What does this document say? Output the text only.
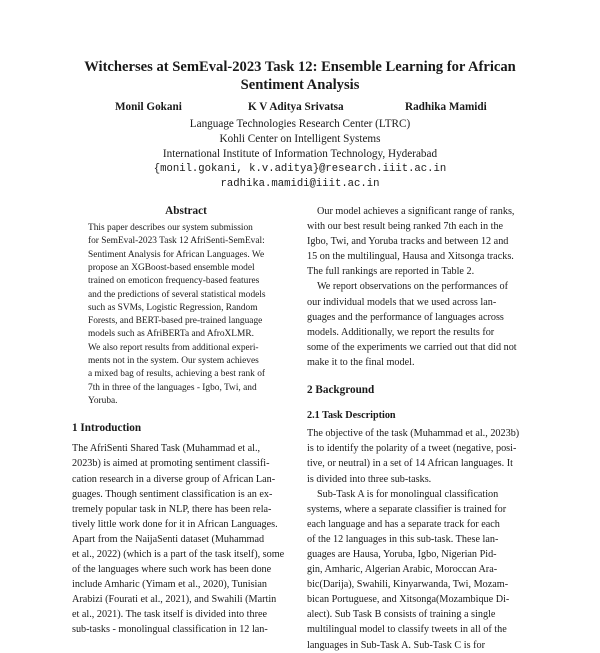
Witcherses at SemEval-2023 Task 12: Ensemble Learning for African
Sentiment Analysis
Monil Gokani	K V Aditya Srivatsa	Radhika Mamidi
Language Technologies Research Center (LTRC)
Kohli Center on Intelligent Systems
International Institute of Information Technology, Hyderabad
{monil.gokani, k.v.aditya}@research.iiit.ac.in
radhika.mamidi@iiit.ac.in
Abstract
This paper describes our system submission
for SemEval-2023 Task 12 AfriSenti-SemEval:
Sentiment Analysis for African Languages. We
propose an XGBoost-based ensemble model
trained on emoticon frequency-based features
and the predictions of several statistical models
such as SVMs, Logistic Regression, Random
Forests, and BERT-based pre-trained language
models such as AfriBERTa and AfroXLMR.
We also report results from additional experi-
ments not in the system. Our system achieves
a mixed bag of results, achieving a best rank of
7th in three of the languages - Igbo, Twi, and
Yoruba.
1 Introduction
The AfriSenti Shared Task (Muhammad et al.,
2023b) is aimed at promoting sentiment classifi-
cation research in a diverse group of African Lan-
guages. Though sentiment classification is an ex-
tremely popular task in NLP, there has been rela-
tively little work done for it in African Languages.
Apart from the NaijaSenti dataset (Muhammad
et al., 2022) (which is a part of the task itself), some
of the languages where such work has been done
include Amharic (Yimam et al., 2020), Tunisian
Arabizi (Fourati et al., 2021), and Swahili (Martin
et al., 2021). The task itself is divided into three
sub-tasks - monolingual classification in 12 lan-
Our model achieves a significant range of ranks,
with our best result being ranked 7th each in the
Igbo, Twi, and Yoruba tracks and between 12 and
15 on the multilingual, Hausa and Xitsonga tracks.
The full rankings are reported in Table 2.
We report observations on the performances of
our individual models that we used across lan-
guages and the performance of languages across
models. Additionally, we report the results for
some of the experiments we carried out that did not
make it to the final model.
2 Background
2.1 Task Description
The objective of the task (Muhammad et al., 2023b)
is to identify the polarity of a tweet (negative, posi-
tive, or neutral) in a set of 14 African languages. It
is divided into three sub-tasks.
Sub-Task A is for monolingual classification
systems, where a separate classifier is trained for
each language and has a separate track for each
of the 12 languages in this sub-task. These lan-
guages are Hausa, Yoruba, Igbo, Nigerian Pid-
gin, Amharic, Algerian Arabic, Moroccan Ara-
bic(Darija), Swahili, Kinyarwanda, Twi, Mozam-
bican Portuguese, and Xitsonga(Mozambique Di-
alect). Sub Task B consists of training a single
multilingual model to classify tweets in all of the
languages in Sub-Task A. Sub-Task C is for
